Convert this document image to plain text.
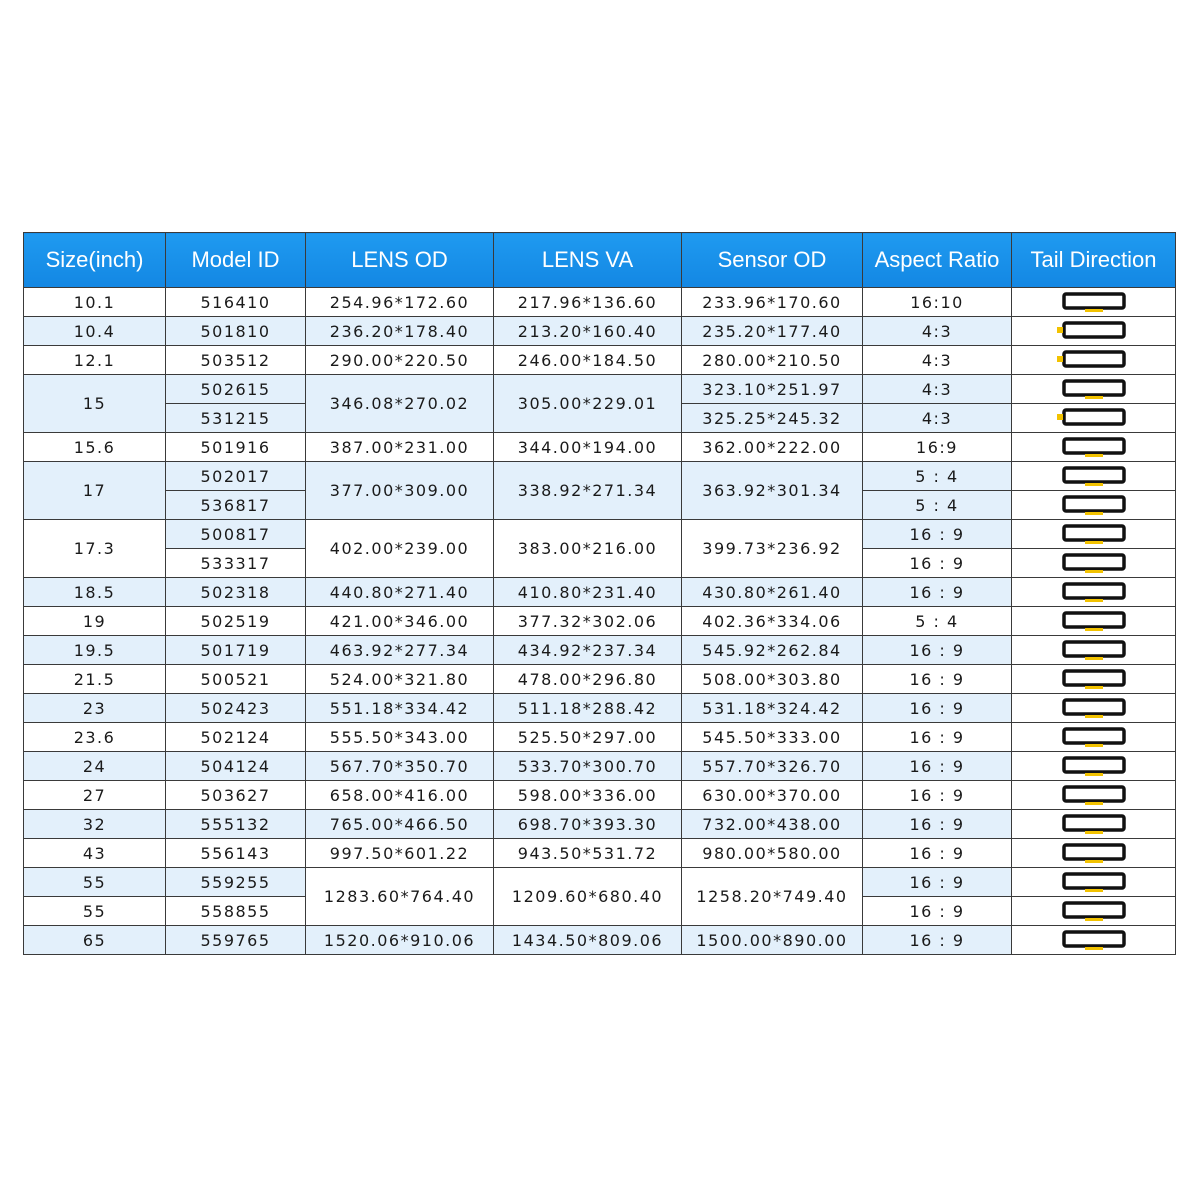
Size(inch)	Model ID	LENS OD	LENS VA	Sensor OD	Aspect Ratio	Tail Direction
10.1	516410	254.96*172.60	217.96*136.60	233.96*170.60	16:10	

10.4	501810	236.20*178.40	213.20*160.40	235.20*177.40	4:3	

12.1	503512	290.00*220.50	246.00*184.50	280.00*210.50	4:3	

15	502615	346.08*270.02	305.00*229.01	323.10*251.97	4:3	

	531215			325.25*245.32	4:3	

15.6	501916	387.00*231.00	344.00*194.00	362.00*222.00	16:9	

17	502017	377.00*309.00	338.92*271.34	363.92*301.34	5 : 4	

	536817				5 : 4	

17.3	500817	402.00*239.00	383.00*216.00	399.73*236.92	16 : 9	

	533317				16 : 9	

18.5	502318	440.80*271.40	410.80*231.40	430.80*261.40	16 : 9	

19	502519	421.00*346.00	377.32*302.06	402.36*334.06	5 : 4	

19.5	501719	463.92*277.34	434.92*237.34	545.92*262.84	16 : 9	

21.5	500521	524.00*321.80	478.00*296.80	508.00*303.80	16 : 9	

23	502423	551.18*334.42	511.18*288.42	531.18*324.42	16 : 9	

23.6	502124	555.50*343.00	525.50*297.00	545.50*333.00	16 : 9	

24	504124	567.70*350.70	533.70*300.70	557.70*326.70	16 : 9	

27	503627	658.00*416.00	598.00*336.00	630.00*370.00	16 : 9	

32	555132	765.00*466.50	698.70*393.30	732.00*438.00	16 : 9	

43	556143	997.50*601.22	943.50*531.72	980.00*580.00	16 : 9	

55	559255	1283.60*764.40	1209.60*680.40	1258.20*749.40	16 : 9	

55	558855				16 : 9	

65	559765	1520.06*910.06	1434.50*809.06	1500.00*890.00	16 : 9	
